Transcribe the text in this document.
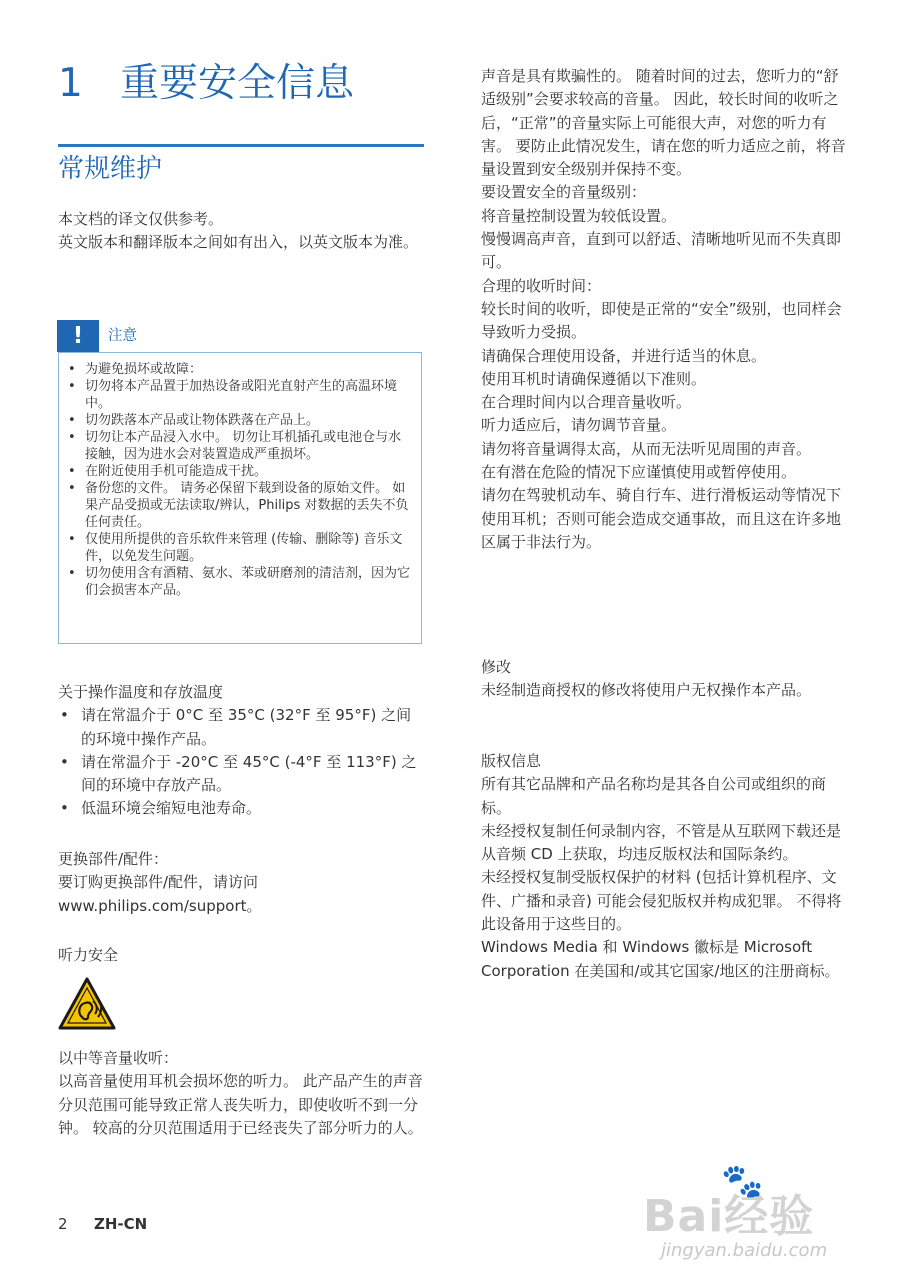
1 重要安全信息
常规维护

本文档的译文仅供参考。

英文版本和翻译版本之间如有出入，以英文版本为准。

!	注意
• 为避免损坏或故障：
• 切勿将本产品置于加热设备或阳光直射产生的高温环境中。
• 切勿跌落本产品或让物体跌落在产品上。
• 切勿让本产品浸入水中。 切勿让耳机插孔或电池仓与水接触，因为进水会对装置造成严重损坏。
• 在附近使用手机可能造成干扰。
• 备份您的文件。 请务必保留下载到设备的原始文件。 如果产品受损或无法读取/辨认，Philips 对数据的丢失不负任何责任。
• 仅使用所提供的音乐软件来管理 (传输、删除等) 音乐文件，以免发生问题。
• 切勿使用含有酒精、氨水、苯或研磨剂的清洁剂，因为它们会损害本产品。

关于操作温度和存放温度

• 请在常温介于 0°C 至 35°C (32°F 至 95°F) 之间的环境中操作产品。
• 请在常温介于 -20°C 至 45°C (-4°F 至 113°F) 之间的环境中存放产品。
• 低温环境会缩短电池寿命。

更换部件/配件：

要订购更换部件/配件，请访问 www.philips.com/support。

听力安全

以中等音量收听：

以高音量使用耳机会损坏您的听力。 此产品产生的声音分贝范围可能导致正常人丧失听力，即使收听不到一分钟。 较高的分贝范围适用于已经丧失了部分听力的人。

声音是具有欺骗性的。 随着时间的过去，您听力的“舒适级别”会要求较高的音量。 因此，较长时间的收听之后，“正常”的音量实际上可能很大声，对您的听力有害。 要防止此情况发生，请在您的听力适应之前，将音量设置到安全级别并保持不变。

要设置安全的音量级别：

将音量控制设置为较低设置。

慢慢调高声音，直到可以舒适、清晰地听见而不失真即可。

合理的收听时间：

较长时间的收听，即使是正常的“安全”级别，也同样会导致听力受损。

请确保合理使用设备，并进行适当的休息。

使用耳机时请确保遵循以下准则。

在合理时间内以合理音量收听。

听力适应后，请勿调节音量。

请勿将音量调得太高，从而无法听见周围的声音。

在有潜在危险的情况下应谨慎使用或暂停使用。

请勿在驾驶机动车、骑自行车、进行滑板运动等情况下使用耳机；否则可能会造成交通事故，而且这在许多地区属于非法行为。

修改

未经制造商授权的修改将使用户无权操作本产品。

版权信息

所有其它品牌和产品名称均是其各自公司或组织的商标。

未经授权复制任何录制内容，不管是从互联网下载还是从音频 CD 上获取，均违反版权法和国际条约。

未经授权复制受版权保护的材料 (包括计算机程序、文件、广播和录音) 可能会侵犯版权并构成犯罪。 不得将此设备用于这些目的。

Windows Media 和 Windows 徽标是 Microsoft Corporation 在美国和/或其它国家/地区的注册商标。

2 ZH-CN
🐾
Bai经验
jingyan.baidu.com
